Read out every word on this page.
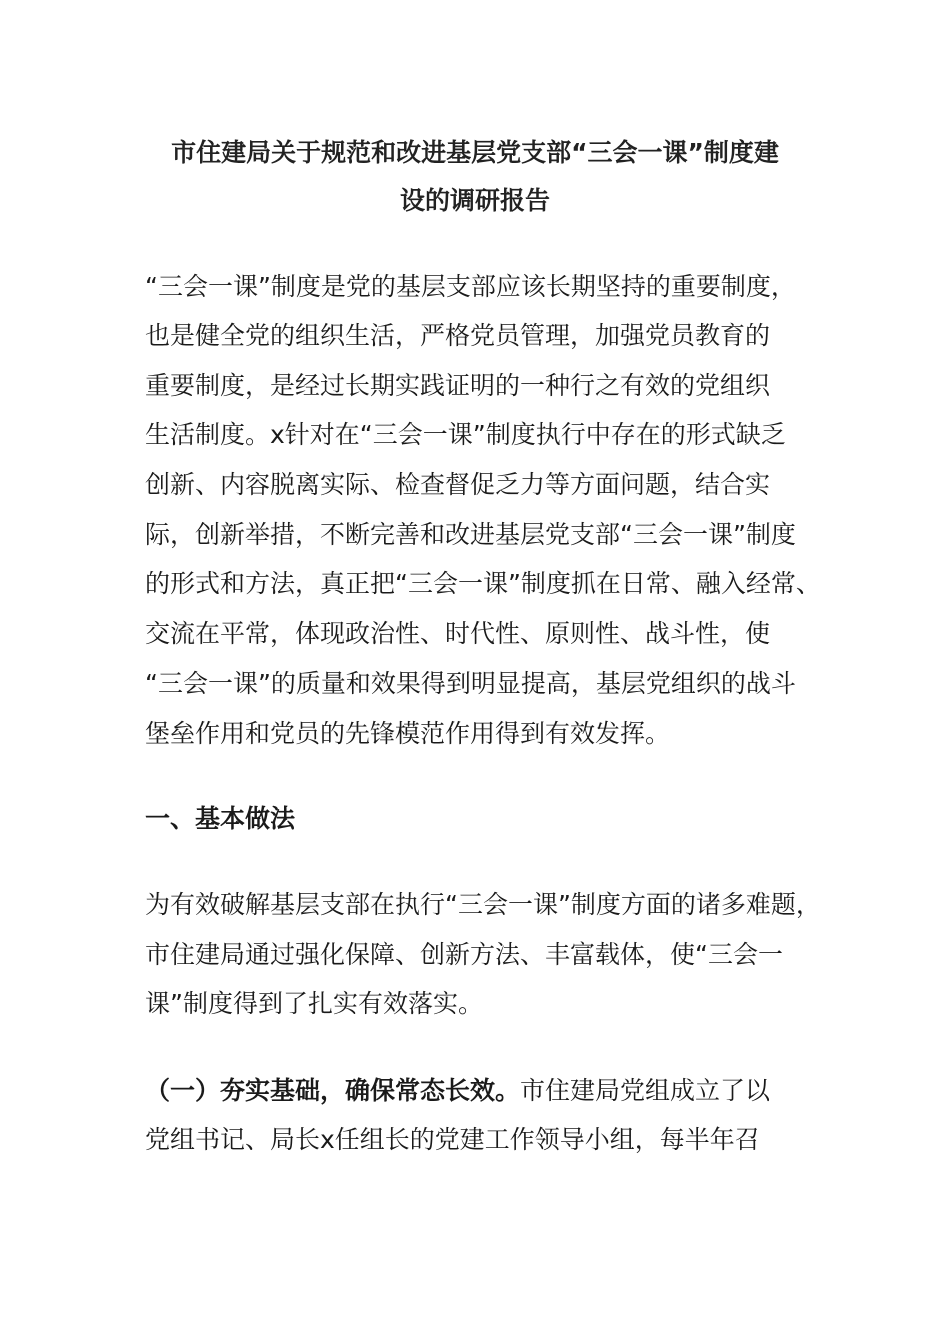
市住建局关于规范和改进基层党支部“三会一课”制度建
设的调研报告
“三会一课”制度是党的基层支部应该长期坚持的重要制度，
也是健全党的组织生活，严格党员管理，加强党员教育的
重要制度，是经过长期实践证明的一种行之有效的党组织
生活制度。x针对在“三会一课”制度执行中存在的形式缺乏
创新、内容脱离实际、检查督促乏力等方面问题，结合实
际，创新举措，不断完善和改进基层党支部“三会一课”制度
的形式和方法，真正把“三会一课”制度抓在日常、融入经常、
交流在平常，体现政治性、时代性、原则性、战斗性，使
“三会一课”的质量和效果得到明显提高，基层党组织的战斗
堡垒作用和党员的先锋模范作用得到有效发挥。
一、基本做法
为有效破解基层支部在执行“三会一课”制度方面的诸多难题，
市住建局通过强化保障、创新方法、丰富载体，使“三会一
课”制度得到了扎实有效落实。
（一）夯实基础，确保常态长效。市住建局党组成立了以
党组书记、局长x任组长的党建工作领导小组，每半年召
